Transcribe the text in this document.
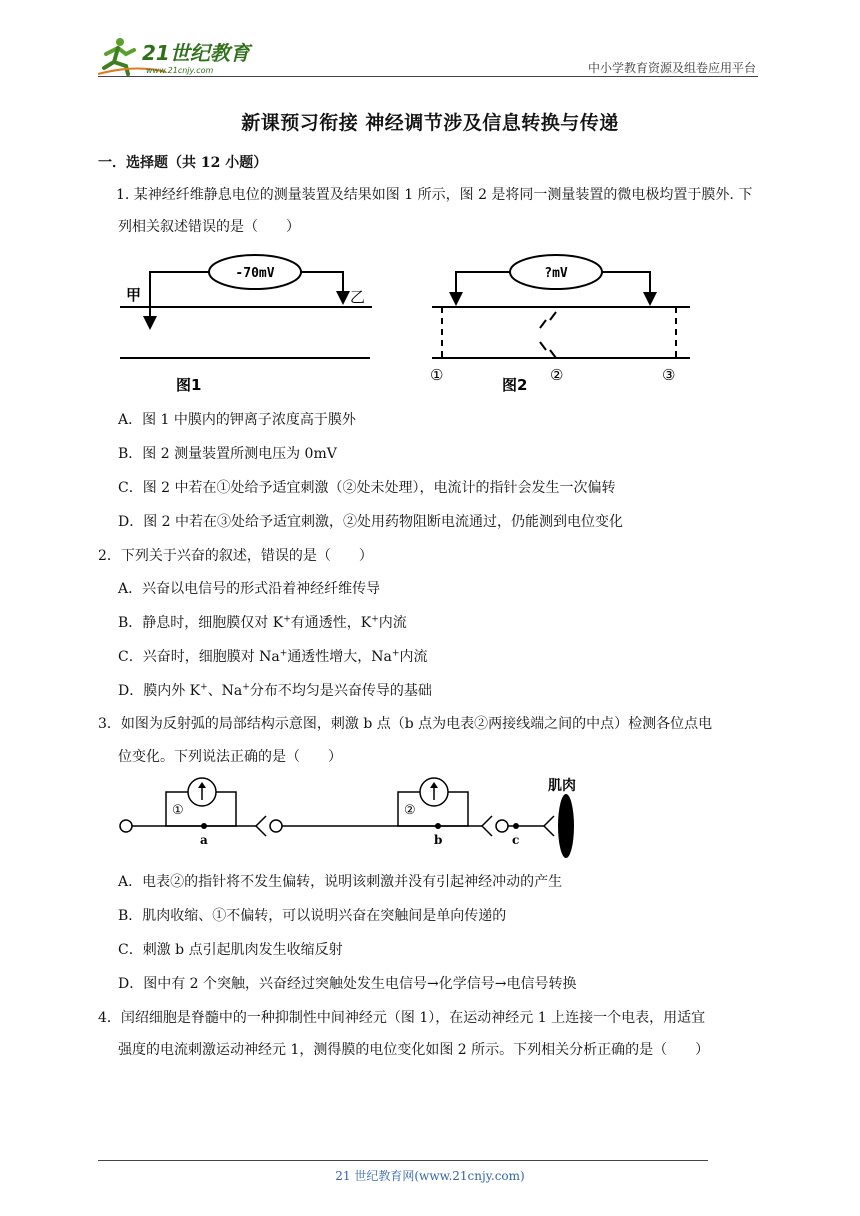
21世纪教育
www.21cnjy.com	中小学教育资源及组卷应用平台
新课预习衔接 神经调节涉及信息转换与传递
一．选择题（共 12 小题）
1. 某神经纤维静息电位的测量装置及结果如图 1 所示，图 2 是将同一测量装置的微电极均置于膜外. 下
列相关叙述错误的是（　　）
-70mV
甲	乙
图1
?mV
①	②	③
图2
A．图 1 中膜内的钾离子浓度高于膜外
B．图 2 测量装置所测电压为 0mV
C．图 2 中若在①处给予适宜刺激（②处未处理），电流计的指针会发生一次偏转
D．图 2 中若在③处给予适宜刺激，②处用药物阻断电流通过，仍能测到电位变化
2．下列关于兴奋的叙述，错误的是（　　）
A．兴奋以电信号的形式沿着神经纤维传导
B．静息时，细胞膜仅对 K+有通透性，K+内流
C．兴奋时，细胞膜对 Na+通透性增大，Na+内流
D．膜内外 K+、Na+分布不均匀是兴奋传导的基础
3．如图为反射弧的局部结构示意图，刺激 b 点（b 点为电表②两接线端之间的中点）检测各位点电
位变化。下列说法正确的是（　　）
肌肉
①
a
②
b	c
A．电表②的指针将不发生偏转，说明该刺激并没有引起神经冲动的产生
B．肌肉收缩、①不偏转，可以说明兴奋在突触间是单向传递的
C．刺激 b 点引起肌肉发生收缩反射
D．图中有 2 个突触，兴奋经过突触处发生电信号→化学信号→电信号转换
4．闰绍细胞是脊髓中的一种抑制性中间神经元（图 1），在运动神经元 1 上连接一个电表，用适宜
强度的电流刺激运动神经元 1，测得膜的电位变化如图 2 所示。下列相关分析正确的是（　　）
21 世纪教育网(www.21cnjy.com)
